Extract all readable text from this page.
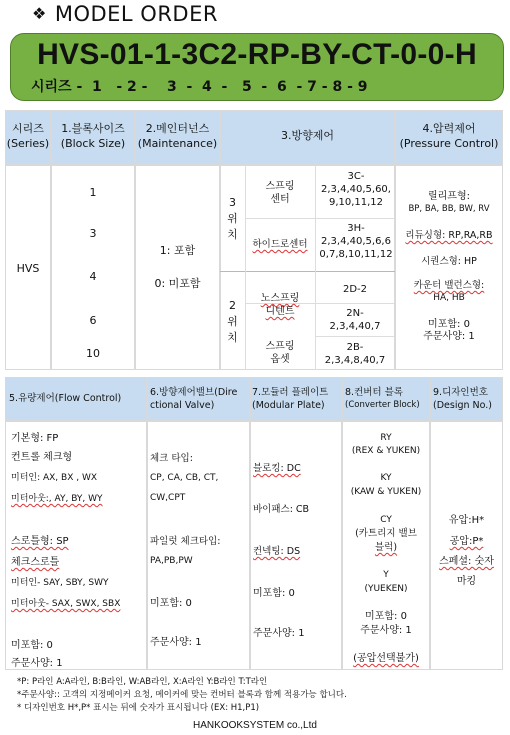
❖ MODEL ORDER
HVS-01-1-3C2-RP-BY-CT-0-0-H
시리즈 -  1   - 2 -    3  -  4  -   5  -  6  - 7 - 8 - 9
시리즈
(Series)
1.블록사이즈
(Block Size)
2.메인터넌스
(Maintenance)
3.방향제어
4.압력제어
(Pressure Control)
HVS
1
3
4
6
10
1: 포함
0: 미포함
3
위
치
2
위
치
스프링
센터
3C-
2,3,4,40,5,60,
9,10,11,12
하이드로센터
3H-
2,3,4,40,5,6,6
0,7,8,10,11,12
노스프링
디텐트
2D-2
2N-
2,3,4,40,7
스프링
옵셋
2B-
2,3,4,8,40,7
릴리프형:
BP, BA, BB, BW, RV
리듀싱형: RP,RA,RB
시퀀스형: HP
카운터 밸런스형:
HA, HB
미포함: 0
주문사양: 1
5.유량제어(Flow Control)
6.방향제어밸브(Dire
ctional Valve)
7.모듈러 플레이트
(Modular Plate)
8.컨버터 블록
(Converter Block)
9.디자인번호
(Design No.)
기본형: FP
컨트롤 체크형
미터인: AX, BX , WX
미터아웃:, AY, BY, WY
스로틀형: SP
체크스로틀
미터인- SAY, SBY, SWY
미터아웃- SAX, SWX, SBX
미포함: 0
주문사양: 1
체크 타입:
CP, CA, CB, CT,
CW,CPT
파일럿 체크타입:
PA,PB,PW
미포함: 0
주문사양: 1
블로킹: DC
바이패스: CB
컨넥팅: DS
미포함: 0
주문사양: 1
RY
(REX & YUKEN)
KY
(KAW & YUKEN)
CY
(카트리지 밸브
블럭)
Y
(YUEKEN)
미포함: 0
주문사양: 1
(공압선택불가)
유압:H*
공압:P*
스페셜: 숫자
마킹
*P: P라인 A:A라인, B:B라인, W:AB라인, X:A라인 Y:B라인 T:T라인
*주문사양:: 고객의 지정메이커 요청, 메이커에 맞는 컨버터 블록과 함께 적용가능 합니다.
* 디자인번호 H*,P* 표시는 뒤에 숫자가 표시됩니다 (EX: H1,P1)
HANKOOKSYSTEM co.,Ltd
